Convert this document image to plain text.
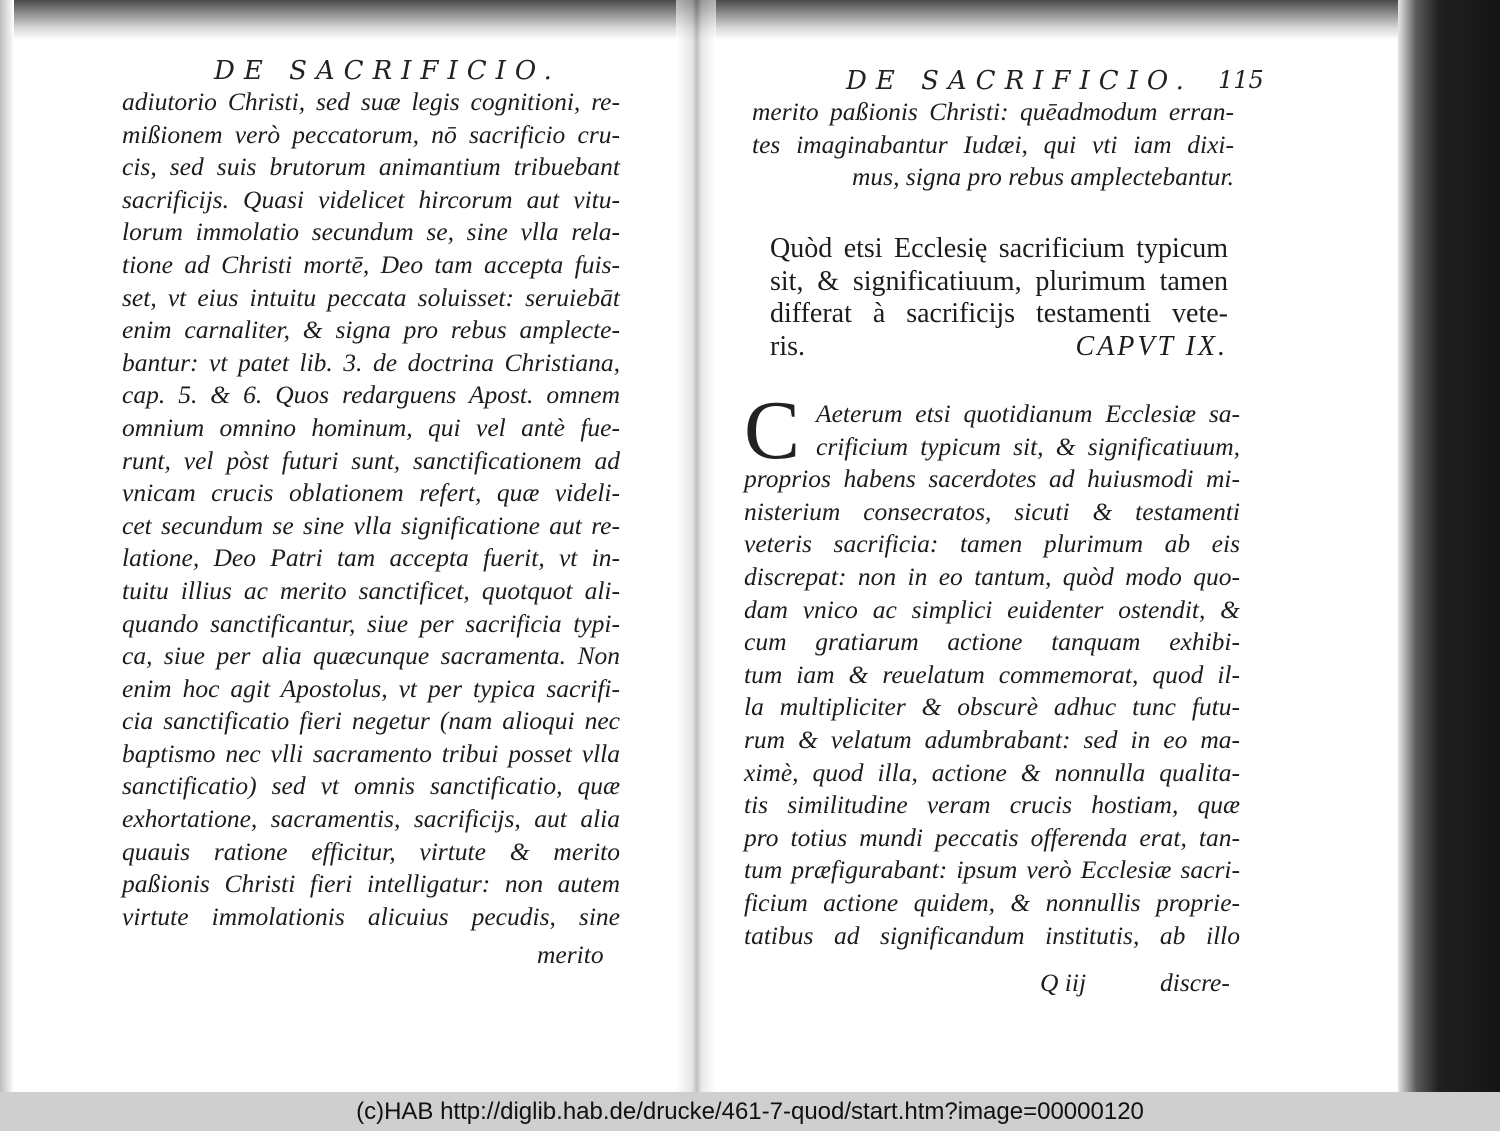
DE SACRIFICIO.
adiutorio Christi, sed suæ legis cognitioni, re-
mißionem verò peccatorum, nō sacrificio cru-
cis, sed suis brutorum animantium tribuebant
sacrificijs. Quasi videlicet hircorum aut vitu-
lorum immolatio secundum se, sine vlla rela-
tione ad Christi mortē, Deo tam accepta fuis-
set, vt eius intuitu peccata soluisset: seruiebāt
enim carnaliter, & signa pro rebus amplecte-
bantur: vt patet lib. 3. de doctrina Christiana,
cap. 5. & 6. Quos redarguens Apost. omnem
omnium omnino hominum, qui vel antè fue-
runt, vel pòst futuri sunt, sanctificationem ad
vnicam crucis oblationem refert, quæ videli-
cet secundum se sine vlla significatione aut re-
latione, Deo Patri tam accepta fuerit, vt in-
tuitu illius ac merito sanctificet, quotquot ali-
quando sanctificantur, siue per sacrificia typi-
ca, siue per alia quæcunque sacramenta. Non
enim hoc agit Apostolus, vt per typica sacrifi-
cia sanctificatio fieri negetur (nam alioqui nec
baptismo nec vlli sacramento tribui posset vlla
sanctificatio) sed vt omnis sanctificatio, quæ
exhortatione, sacramentis, sacrificijs, aut alia
quauis ratione efficitur, virtute & merito
paßionis Christi fieri intelligatur: non autem
virtute immolationis alicuius pecudis, sine
merito
DE SACRIFICIO. 115
merito paßionis Christi: quēadmodum erran-
tes imaginabantur Iudæi, qui vti iam dixi-
mus, signa pro rebus amplectebantur.
Quòd etsi Ecclesię sacrificium typicum
sit, & significatiuum, plurimum tamen
differat à sacrificijs testamenti vete-
ris.	CAPVT IX.
C Aeterum etsi quotidianum Ecclesiæ sa-
crificium typicum sit, & significatiuum,
proprios habens sacerdotes ad huiusmodi mi-
nisterium consecratos, sicuti & testamenti
veteris sacrificia: tamen plurimum ab eis
discrepat: non in eo tantum, quòd modo quo-
dam vnico ac simplici euidenter ostendit, &
cum gratiarum actione tanquam exhibi-
tum iam & reuelatum commemorat, quod il-
la multipliciter & obscurè adhuc tunc futu-
rum & velatum adumbrabant: sed in eo ma-
ximè, quod illa, actione & nonnulla qualita-
tis similitudine veram crucis hostiam, quæ
pro totius mundi peccatis offerenda erat, tan-
tum præfigurabant: ipsum verò Ecclesiæ sacri-
ficium actione quidem, & nonnullis proprie-
tatibus ad significandum institutis, ab illo
Q iij	discre-
(c)HAB http://diglib.hab.de/drucke/461-7-quod/start.htm?image=00000120
